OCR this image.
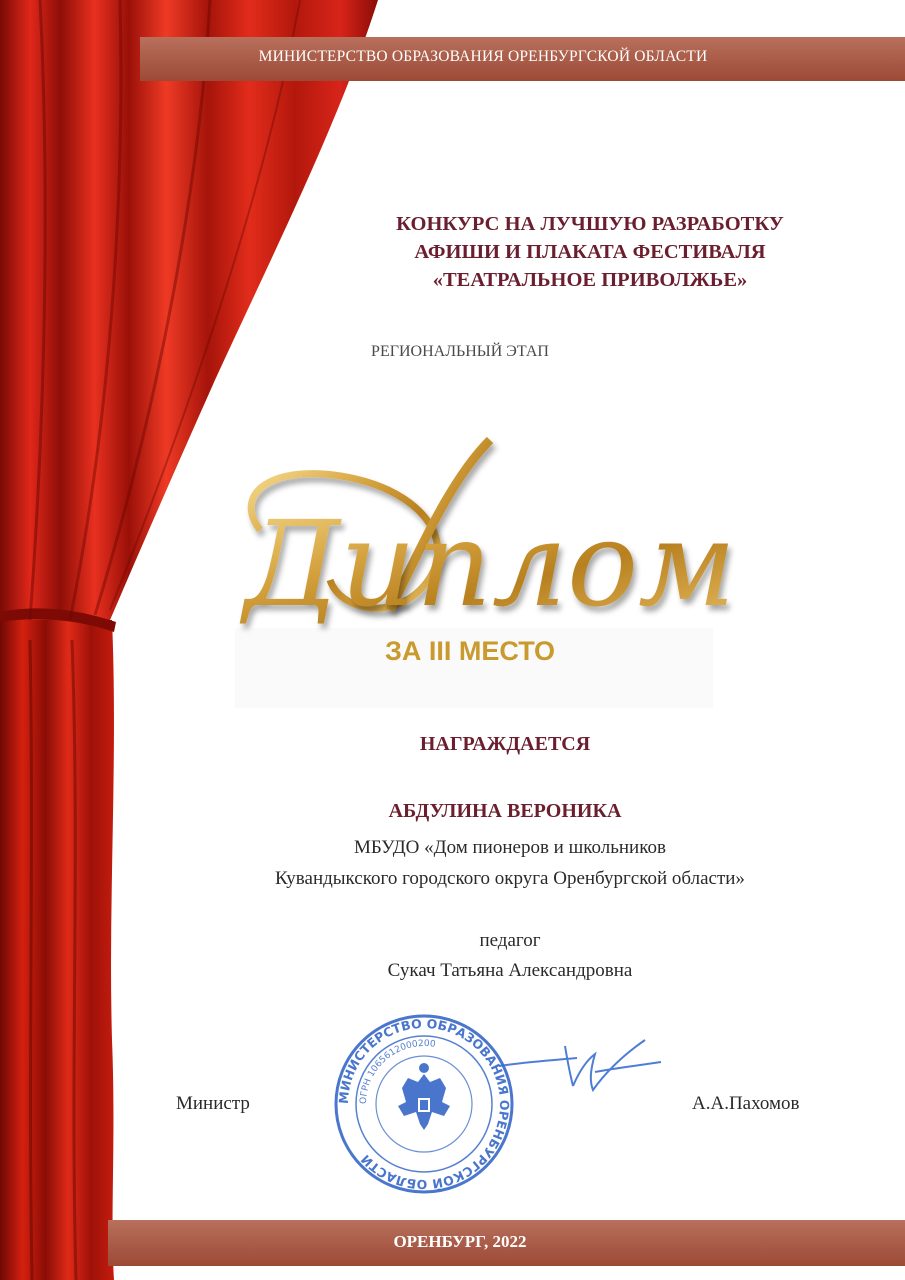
МИНИСТЕРСТВО ОБРАЗОВАНИЯ ОРЕНБУРГСКОЙ ОБЛАСТИ
КОНКУРС НА ЛУЧШУЮ РАЗРАБОТКУ
АФИШИ И ПЛАКАТА ФЕСТИВАЛЯ
«ТЕАТРАЛЬНОЕ ПРИВОЛЖЬЕ»
РЕГИОНАЛЬНЫЙ ЭТАП
Диплом
ЗА III МЕСТО
НАГРАЖДАЕТСЯ
АБДУЛИНА ВЕРОНИКА
МБУДО «Дом пионеров и школьников
Кувандыкского городского округа Оренбургской области»
педагог
Сукач Татьяна Александровна
Министр	А.А.Пахомов
МИНИСТЕРСТВО ОБРАЗОВАНИЯ ОРЕНБУРГСКОЙ ОБЛАСТИ
ОГРН 1065612000200
ОРЕНБУРГ, 2022
